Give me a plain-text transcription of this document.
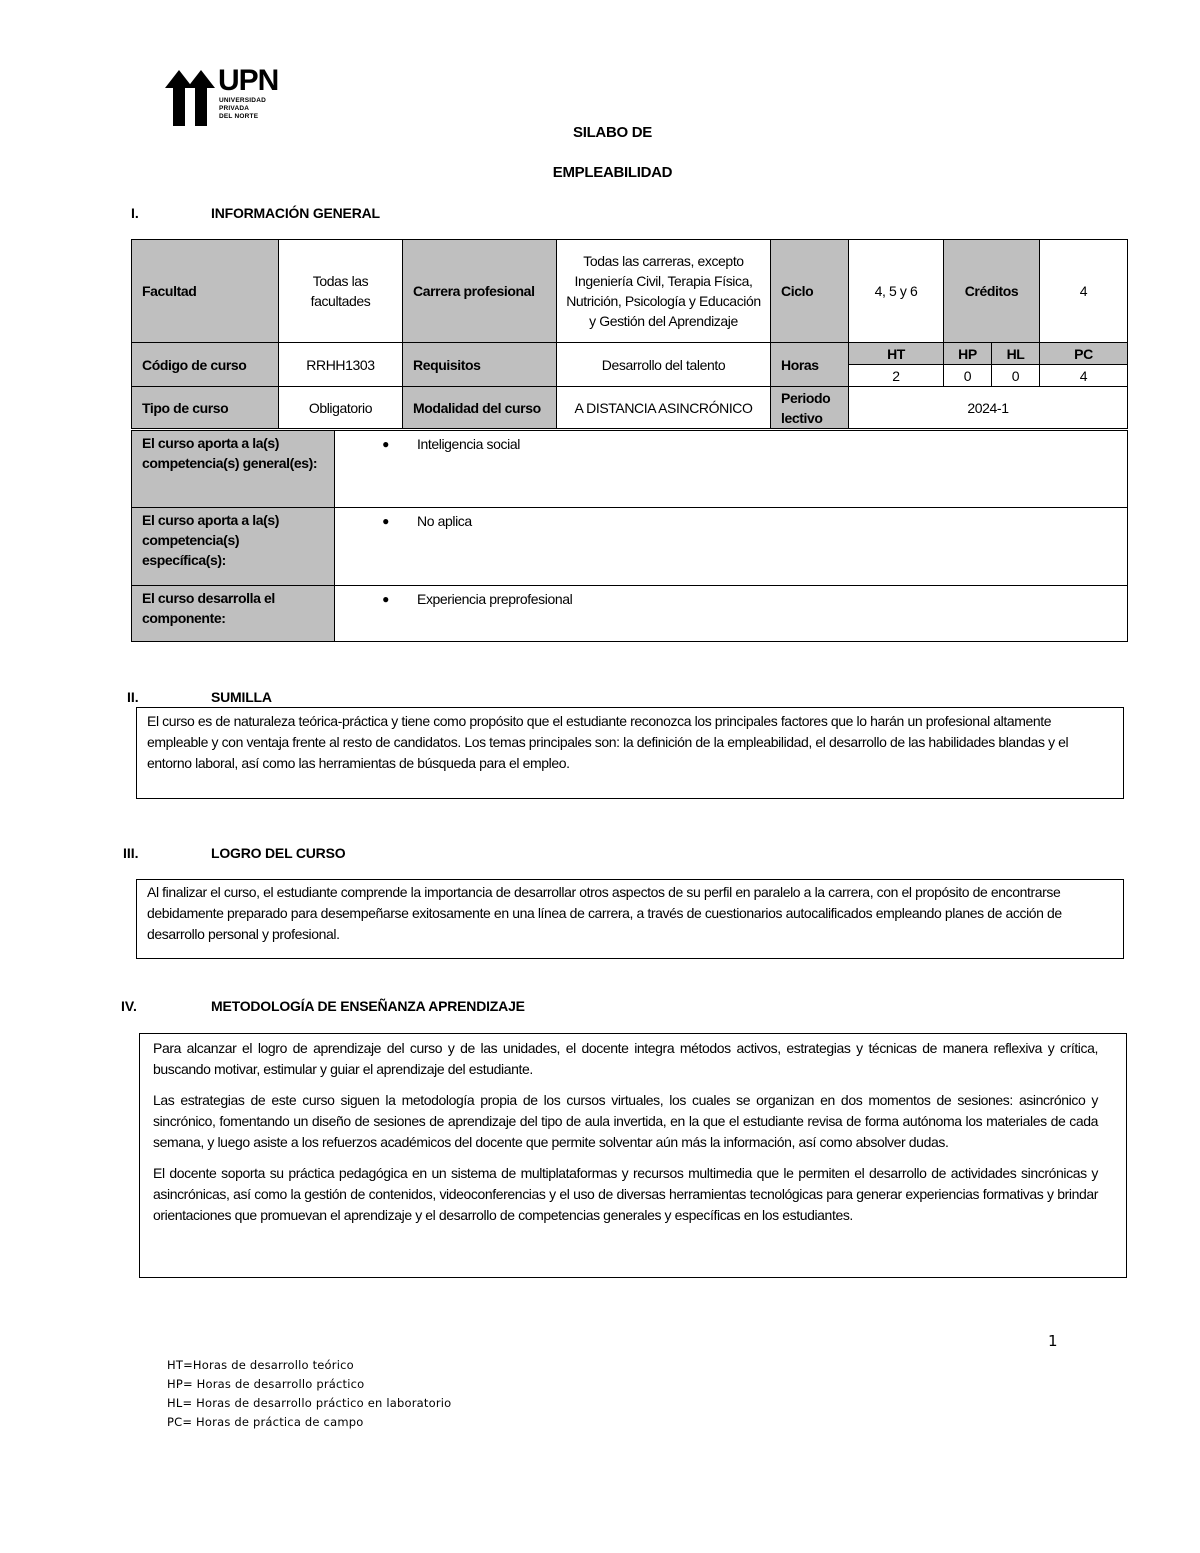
UPN
UNIVERSIDAD
PRIVADA
DEL NORTE
SILABO DE
EMPLEABILIDAD
I.	INFORMACIÓN GENERAL
Facultad	Todas las facultades	Carrera profesional	Todas las carreras, excepto Ingeniería Civil, Terapia Física, Nutrición, Psicología y Educación y Gestión del Aprendizaje	Ciclo	4, 5 y 6	Créditos		4
Código de curso	RRHH1303	Requisitos	Desarrollo del talento	Horas	HT	HP	HL	PC
					2	0	0	4
Tipo de curso	Obligatorio	Modalidad del curso	A DISTANCIA ASINCRÓNICO	Periodo lectivo	2024-1			
El curso aporta a la(s) competencia(s) general(es):	● Inteligencia social

El curso aporta a la(s) competencia(s) específica(s):	● No aplica

El curso desarrolla el componente:	● Experiencia preprofesional
II.	SUMILLA
El curso es de naturaleza teórica-práctica y tiene como propósito que el estudiante reconozca los principales factores que lo harán un profesional altamente empleable y con ventaja frente al resto de candidatos. Los temas principales son: la definición de la empleabilidad, el desarrollo de las habilidades blandas y el entorno laboral, así como las herramientas de búsqueda para el empleo.
III.	LOGRO DEL CURSO
Al finalizar el curso, el estudiante comprende la importancia de desarrollar otros aspectos de su perfil en paralelo a la carrera, con el propósito de encontrarse debidamente preparado para desempeñarse exitosamente en una línea de carrera, a través de cuestionarios autocalificados empleando planes de acción de desarrollo personal y profesional.
IV.	METODOLOGÍA DE ENSEÑANZA APRENDIZAJE

Para alcanzar el logro de aprendizaje del curso y de las unidades, el docente integra métodos activos, estrategias y técnicas de manera reflexiva y crítica, buscando motivar, estimular y guiar el aprendizaje del estudiante.

Las estrategias de este curso siguen la metodología propia de los cursos virtuales, los cuales se organizan en dos momentos de sesiones: asincrónico y sincrónico, fomentando un diseño de sesiones de aprendizaje del tipo de aula invertida, en la que el estudiante revisa de forma autónoma los materiales de cada semana, y luego asiste a los refuerzos académicos del docente que permite solventar aún más la información, así como absolver dudas.

El docente soporta su práctica pedagógica en un sistema de multiplataformas y recursos multimedia que le permiten el desarrollo de actividades sincrónicas y asincrónicas, así como la gestión de contenidos, videoconferencias y el uso de diversas herramientas tecnológicas para generar experiencias formativas y brindar orientaciones que promuevan el aprendizaje y el desarrollo de competencias generales y específicas en los estudiantes.

1
HT=Horas de desarrollo teórico
HP= Horas de desarrollo práctico
HL= Horas de desarrollo práctico en laboratorio
PC= Horas de práctica de campo
